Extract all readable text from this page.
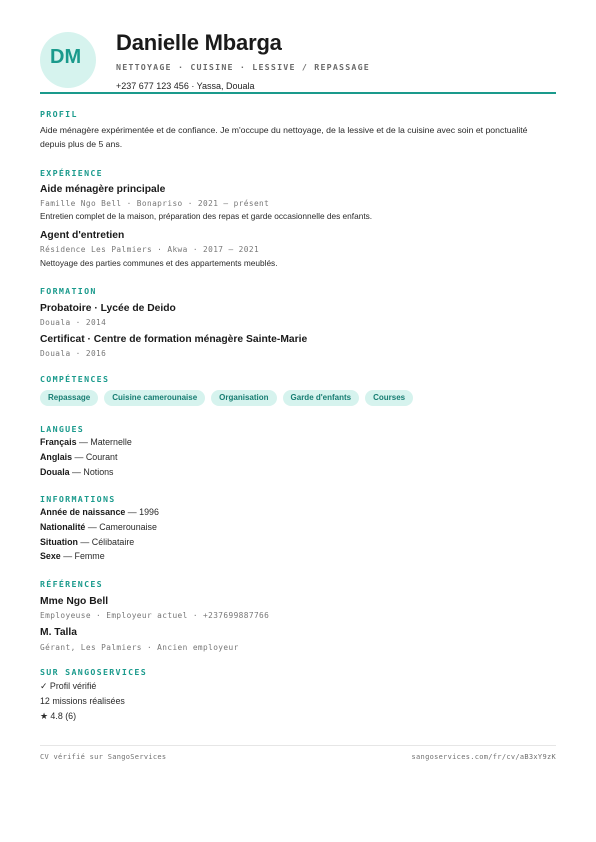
DM
Danielle Mbarga
NETTOYAGE · CUISINE · LESSIVE / REPASSAGE
+237 677 123 456 · Yassa, Douala
PROFIL
Aide ménagère expérimentée et de confiance. Je m'occupe du nettoyage, de la lessive et de la cuisine avec soin et ponctualité depuis plus de 5 ans.
EXPÉRIENCE
Aide ménagère principale
Famille Ngo Bell · Bonapriso · 2021 – présent
Entretien complet de la maison, préparation des repas et garde occasionnelle des enfants.
Agent d'entretien
Résidence Les Palmiers · Akwa · 2017 – 2021
Nettoyage des parties communes et des appartements meublés.
FORMATION
Probatoire · Lycée de Deido
Douala · 2014
Certificat · Centre de formation ménagère Sainte-Marie
Douala · 2016
COMPÉTENCES
Repassage	Cuisine camerounaise	Organisation	Garde d'enfants	Courses
LANGUES
Français — Maternelle
Anglais — Courant
Douala — Notions
INFORMATIONS
Année de naissance — 1996
Nationalité — Camerounaise
Situation — Célibataire
Sexe — Femme
RÉFÉRENCES
Mme Ngo Bell
Employeuse · Employeur actuel · +237699887766
M. Talla
Gérant, Les Palmiers · Ancien employeur
SUR SANGOSERVICES
✓ Profil vérifié
12 missions réalisées
★ 4.8 (6)
CV vérifié sur SangoServices	sangoservices.com/fr/cv/aB3xY9zK
